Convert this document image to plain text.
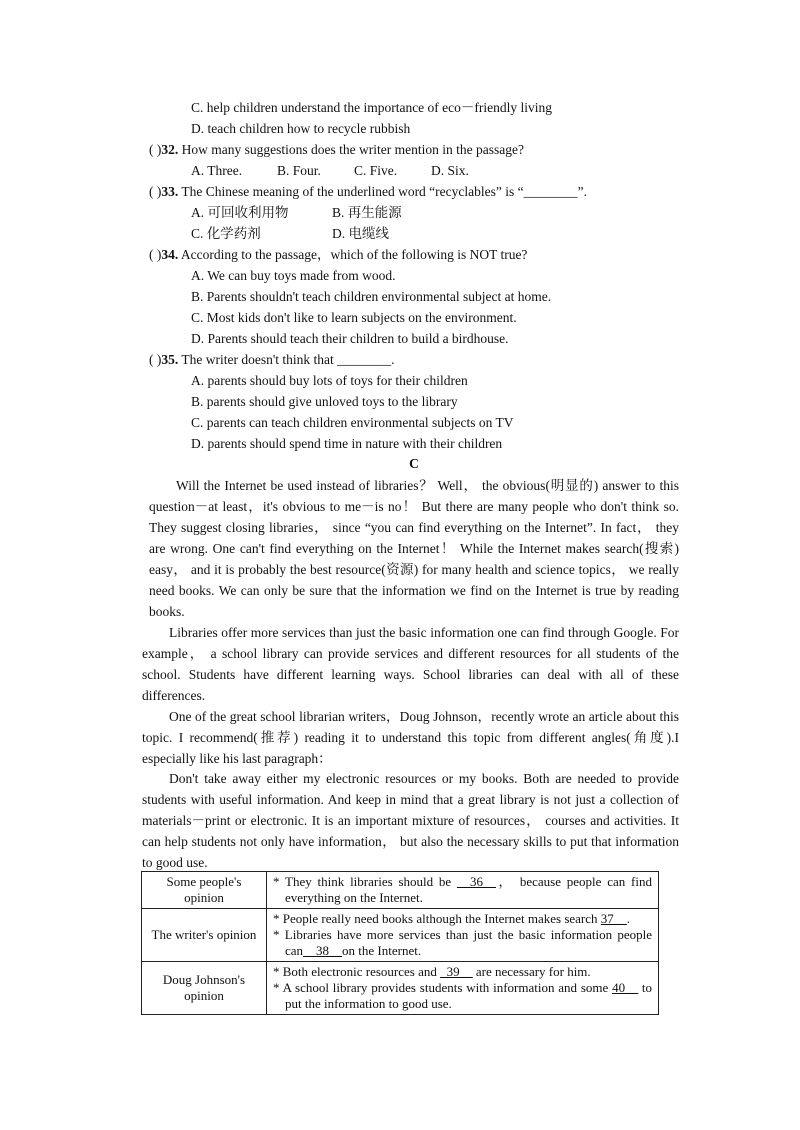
C. help children understand the importance of eco－friendly living
D. teach children how to recycle rubbish
( )32. How many suggestions does the writer mention in the passage?
A. Three.	B. Four. C. Five.	D. Six.
( )33. The Chinese meaning of the underlined word “recyclables” is “________”.
A. 可回收利用物	B. 再生能源
C. 化学药剂	D. 电缆线
( )34. According to the passage，which of the following is NOT true?
A. We can buy toys made from wood.
B. Parents shouldn't teach children environmental subject at home.
C. Most kids don't like to learn subjects on the environment.
D. Parents should teach their children to build a birdhouse.
( )35. The writer doesn't think that ________.
A. parents should buy lots of toys for their children
B. parents should give unloved toys to the library
C. parents can teach children environmental subjects on TV
D. parents should spend time in nature with their children
C
Will the Internet be used instead of libraries？ Well， the obvious(明显的) answer to this question－at least，it's obvious to me－is no！ But there are many people who don't think so. They suggest closing libraries， since “you can find everything on the Internet”. In fact， they are wrong. One can't find everything on the Internet！ While the Internet makes search(搜索) easy， and it is probably the best resource(资源) for many health and science topics， we really need books. We can only be sure that the information we find on the Internet is true by reading books.
Libraries offer more services than just the basic information one can find through Google. For example， a school library can provide services and different resources for all students of the school. Students have different learning ways. School libraries can deal with all of these differences.
One of the great school librarian writers，Doug Johnson，recently wrote an article about this topic. I recommend(推荐) reading it to understand this topic from different angles(角度).I especially like his last paragraph：
Don't take away either my electronic resources or my books. Both are needed to provide students with useful information. And keep in mind that a great library is not just a collection of materials－print or electronic. It is an important mixture of resources， courses and activities. It can help students not only have information， but also the necessary skills to put that information to good use.
Some people's opinion	* They think libraries should be __36__， because people can find everything on the Internet.

The writer's opinion	* People really need books although the Internet makes search 37__.
* Libraries have more services than just the basic information people can__38__on the Internet.

Doug Johnson's opinion	* Both electronic resources and _39__ are necessary for him.
* A school library provides students with information and some 40__ to put the information to good use.
